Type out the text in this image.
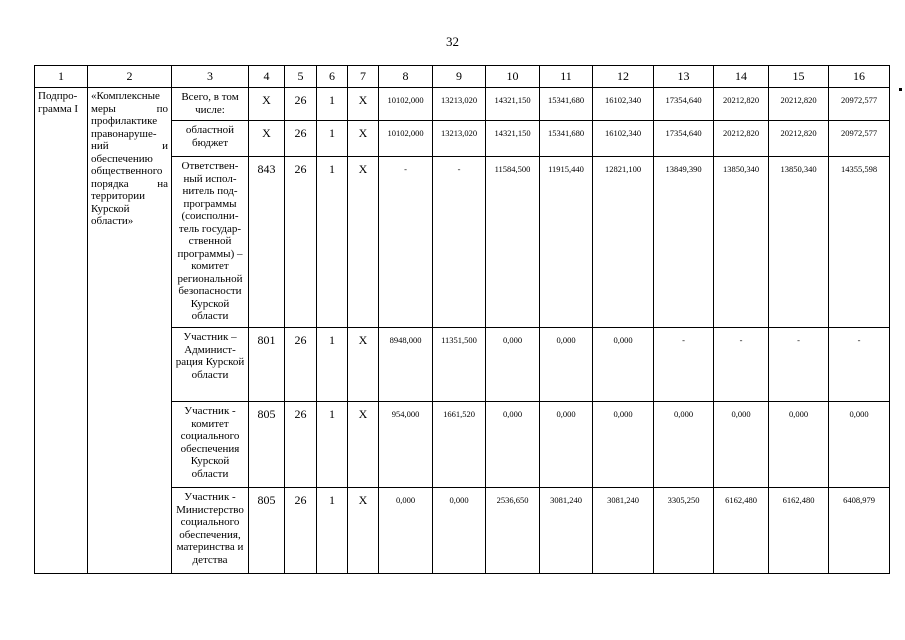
32
1	2	3	4	5	6	7	8	9	10	11	12	13	14	15	16
Подпро-грамма I	«Комплексные меры по профилактике правонаруше-ний и обеспечению общественного порядка на территории Курской области»	Всего, в том числе:	Х	26	1	Х	10102,000	13213,020	14321,150	15341,680	16102,340	17354,640	20212,820	20212,820	20972,577
		областной бюджет	Х	26	1	Х	10102,000	13213,020	14321,150	15341,680	16102,340	17354,640	20212,820	20212,820	20972,577
		Ответствен-ный испол-нитель под-программы (соисполни-тель государ-ственной программы) – комитет региональной безопасности Курской области	843	26	1	Х	-	-	11584,500	11915,440	12821,100	13849,390	13850,340	13850,340	14355,598
		Участник – Админист-рация Курской области	801	26	1	Х	8948,000	11351,500	0,000	0,000	0,000	-	-	-	-
		Участник - комитет социального обеспечения Курской области	805	26	1	Х	954,000	1661,520	0,000	0,000	0,000	0,000	0,000	0,000	0,000
		Участник - Министерство социального обеспечения, материнства и детства	805	26	1	Х	0,000	0,000	2536,650	3081,240	3081,240	3305,250	6162,480	6162,480	6408,979
